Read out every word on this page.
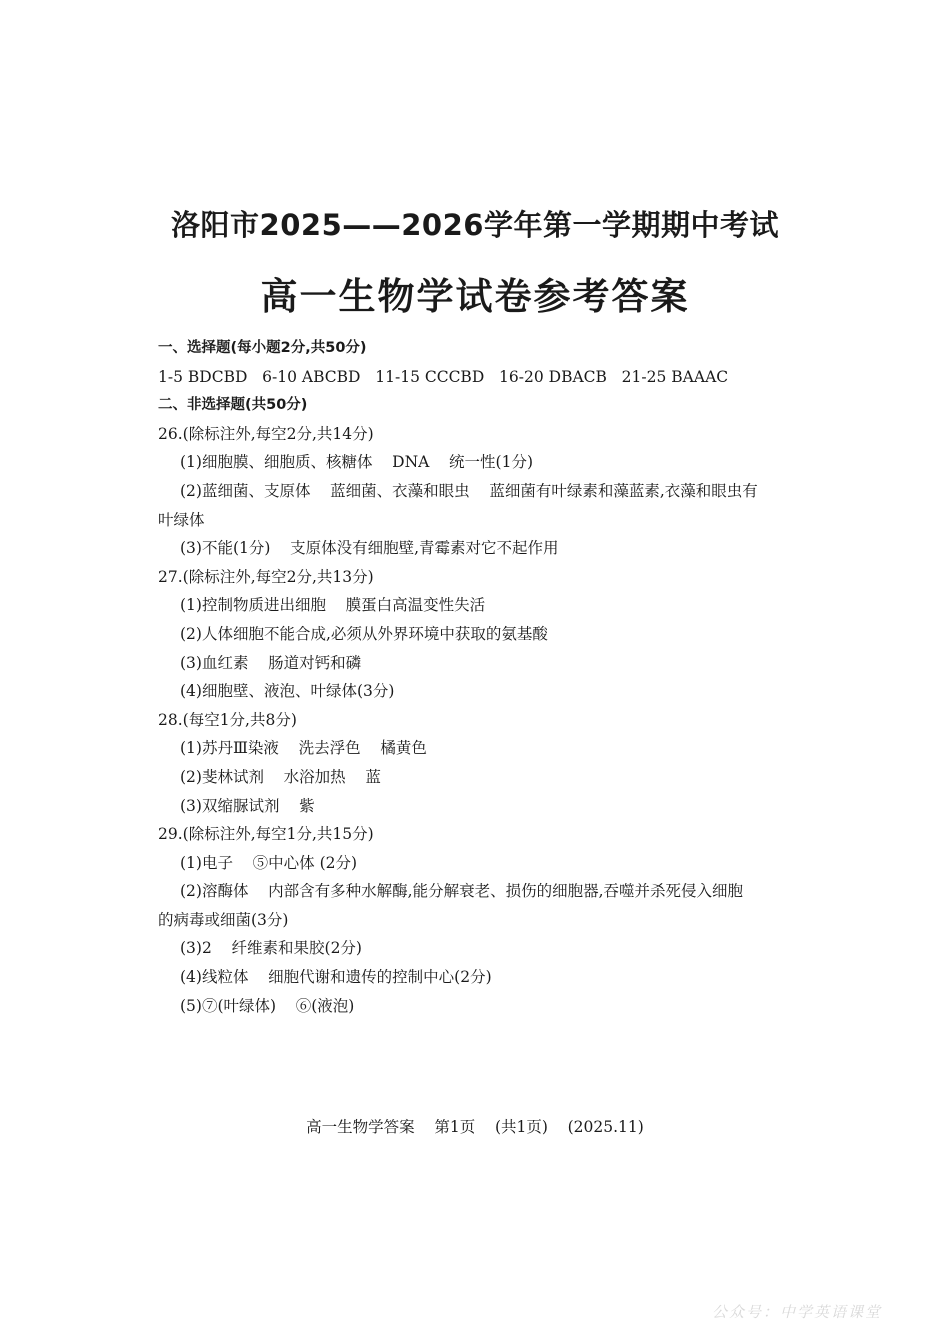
洛阳市2025——2026学年第一学期期中考试
高一生物学试卷参考答案
一、选择题(每小题2分,共50分)
1-5 BDCBD   6-10 ABCBD   11-15 CCCBD   16-20 DBACB   21-25 BAAAC
二、非选择题(共50分)
26.(除标注外,每空2分,共14分)
(1)细胞膜、细胞质、核糖体    DNA    统一性(1分)
(2)蓝细菌、支原体    蓝细菌、衣藻和眼虫    蓝细菌有叶绿素和藻蓝素,衣藻和眼虫有
叶绿体
(3)不能(1分)    支原体没有细胞壁,青霉素对它不起作用
27.(除标注外,每空2分,共13分)
(1)控制物质进出细胞    膜蛋白高温变性失活
(2)人体细胞不能合成,必须从外界环境中获取的氨基酸
(3)血红素    肠道对钙和磷
(4)细胞壁、液泡、叶绿体(3分)
28.(每空1分,共8分)
(1)苏丹Ⅲ染液    洗去浮色    橘黄色
(2)斐林试剂    水浴加热    蓝
(3)双缩脲试剂    紫
29.(除标注外,每空1分,共15分)
(1)电子    ⑤中心体 (2分)
(2)溶酶体    内部含有多种水解酶,能分解衰老、损伤的细胞器,吞噬并杀死侵入细胞
的病毒或细菌(3分)
(3)2    纤维素和果胶(2分)
(4)线粒体    细胞代谢和遗传的控制中心(2分)
(5)⑦(叶绿体)    ⑥(液泡)
高一生物学答案    第1页    (共1页)    (2025.11)
公众号：中学英语课堂
